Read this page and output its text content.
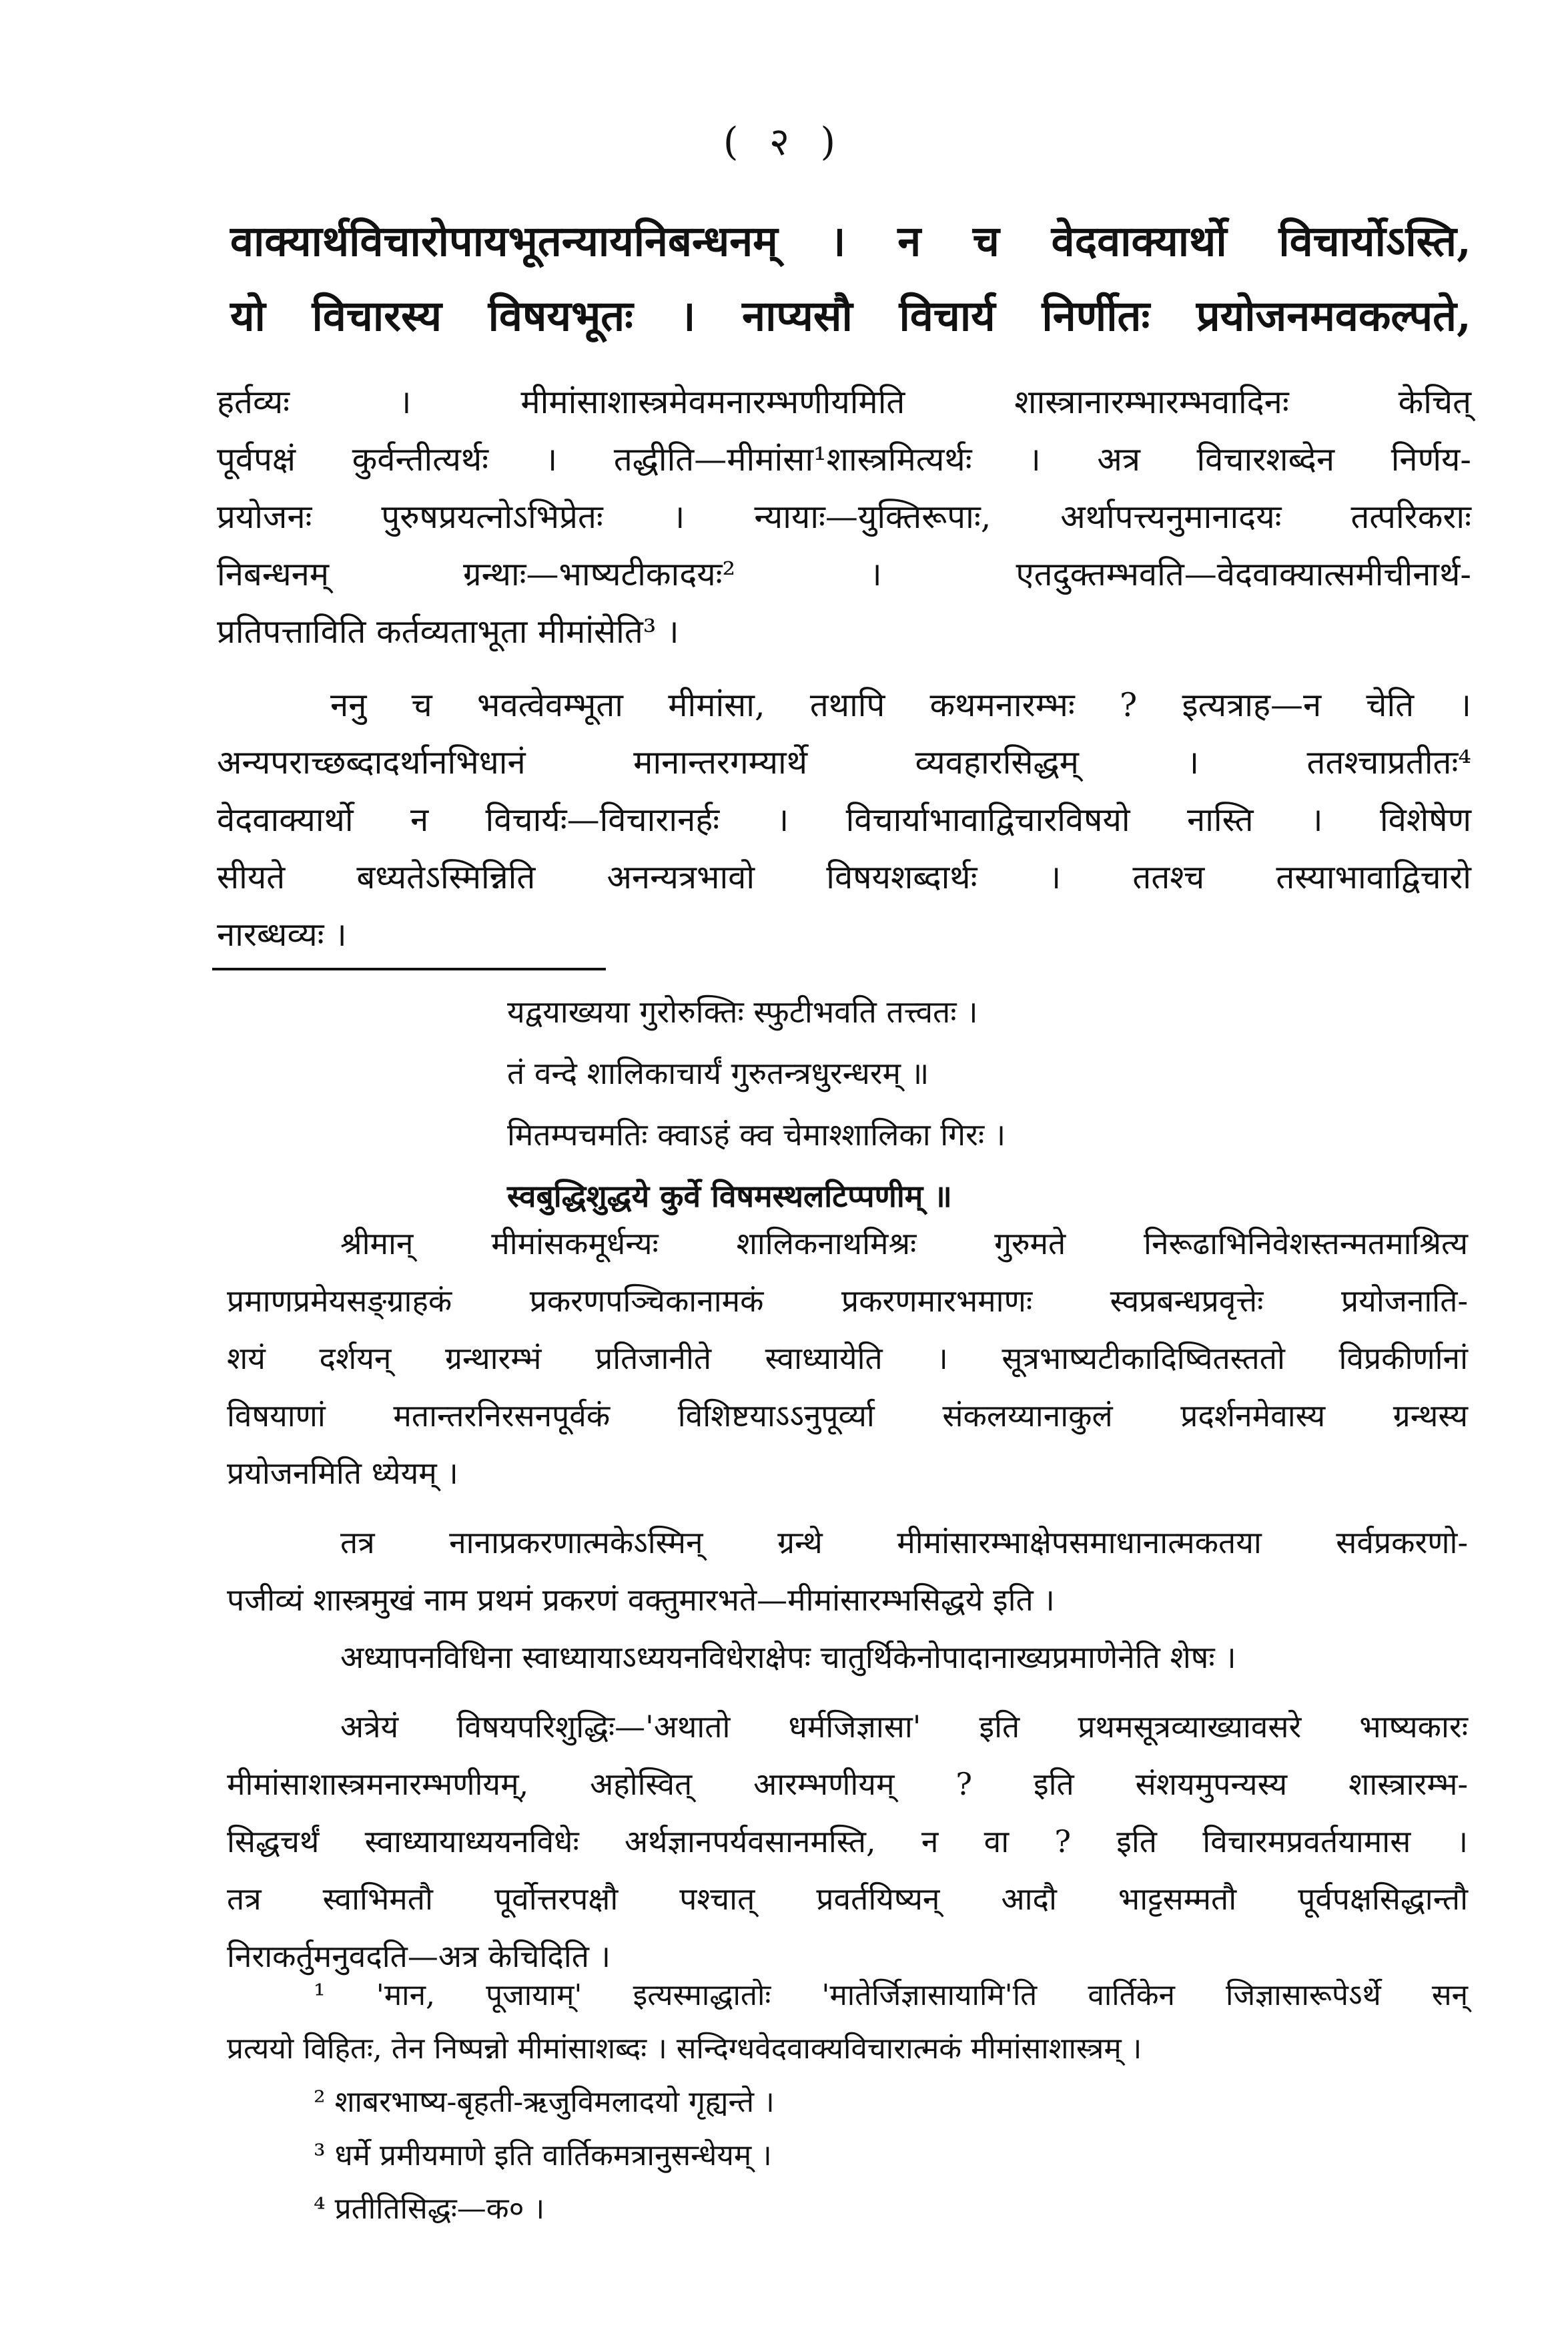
( २ )
वाक्यार्थविचारोपायभूतन्यायनिबन्धनम् । न च वेदवाक्यार्थो विचार्योऽस्ति,
यो विचारस्य विषयभूतः । नाप्यसौ विचार्य निर्णीतः प्रयोजनमवकल्पते,
हर्तव्यः । मीमांसाशास्त्रमेवमनारम्भणीयमिति शास्त्रानारम्भारम्भवादिनः केचित्
पूर्वपक्षं कुर्वन्तीत्यर्थः । तद्धीति—मीमांसा¹शास्त्रमित्यर्थः । अत्र विचारशब्देन निर्णय-
प्रयोजनः पुरुषप्रयत्नोऽभिप्रेतः । न्यायाः—युक्तिरूपाः, अर्थापत्त्यनुमानादयः तत्परिकराः
निबन्धनम् ग्रन्थाः—भाष्यटीकादयः² । एतदुक्तम्भवति—वेदवाक्यात्समीचीनार्थ-
प्रतिपत्ताविति कर्तव्यताभूता मीमांसेति³ ।
ननु च भवत्वेवम्भूता मीमांसा, तथापि कथमनारम्भः ? इत्यत्राह—न चेति ।
अन्यपराच्छब्दादर्थानभिधानं मानान्तरगम्यार्थे व्यवहारसिद्धम् । ततश्चाप्रतीतः⁴
वेदवाक्यार्थो न विचार्यः—विचारानर्हः । विचार्याभावाद्विचारविषयो नास्ति । विशेषेण
सीयते बध्यतेऽस्मिन्निति अनन्यत्रभावो विषयशब्दार्थः । ततश्च तस्याभावाद्विचारो
नारब्धव्यः ।
यद्वयाख्यया गुरोरुक्तिः स्फुटीभवति तत्त्वतः ।
तं वन्दे शालिकाचार्यं गुरुतन्त्रधुरन्धरम् ॥
मितम्पचमतिः क्वाऽहं क्व चेमाश्शालिका गिरः ।
स्वबुद्धिशुद्धये कुर्वे विषमस्थलटिप्पणीम् ॥
श्रीमान् मीमांसकमूर्धन्यः शालिकनाथमिश्रः गुरुमते निरूढाभिनिवेशस्तन्मतमाश्रित्य
प्रमाणप्रमेयसङ्ग्राहकं प्रकरणपञ्चिकानामकं प्रकरणमारभमाणः स्वप्रबन्धप्रवृत्तेः प्रयोजनाति-
शयं दर्शयन् ग्रन्थारम्भं प्रतिजानीते स्वाध्यायेति । सूत्रभाष्यटीकादिष्वितस्ततो विप्रकीर्णानां
विषयाणां मतान्तरनिरसनपूर्वकं विशिष्टयाऽऽनुपूर्व्या संकलय्यानाकुलं प्रदर्शनमेवास्य ग्रन्थस्य
प्रयोजनमिति ध्येयम् ।
तत्र नानाप्रकरणात्मकेऽस्मिन् ग्रन्थे मीमांसारम्भाक्षेपसमाधानात्मकतया सर्वप्रकरणो-
पजीव्यं शास्त्रमुखं नाम प्रथमं प्रकरणं वक्तुमारभते—मीमांसारम्भसिद्धये इति ।
अध्यापनविधिना स्वाध्यायाऽध्ययनविधेराक्षेपः चातुर्थिकेनोपादानाख्यप्रमाणेनेति शेषः ।
अत्रेयं विषयपरिशुद्धिः—'अथातो धर्मजिज्ञासा' इति प्रथमसूत्रव्याख्यावसरे भाष्यकारः
मीमांसाशास्त्रमनारम्भणीयम्, अहोस्वित् आरम्भणीयम् ? इति संशयमुपन्यस्य शास्त्रारम्भ-
सिद्धचर्थं स्वाध्यायाध्ययनविधेः अर्थज्ञानपर्यवसानमस्ति, न वा ? इति विचारमप्रवर्तयामास ।
तत्र स्वाभिमतौ पूर्वोत्तरपक्षौ पश्चात् प्रवर्तयिष्यन् आदौ भाट्टसम्मतौ पूर्वपक्षसिद्धान्तौ
निराकर्तुमनुवदति—अत्र केचिदिति ।
¹ 'मान, पूजायाम्' इत्यस्माद्धातोः 'मातेर्जिज्ञासायामि'ति वार्तिकेन जिज्ञासारूपेऽर्थे सन्
प्रत्ययो विहितः, तेन निष्पन्नो मीमांसाशब्दः । सन्दिग्धवेदवाक्यविचारात्मकं मीमांसाशास्त्रम् ।
² शाबरभाष्य-बृहती-ऋजुविमलादयो गृह्यन्ते ।
³ धर्मे प्रमीयमाणे इति वार्तिकमत्रानुसन्धेयम् ।
⁴ प्रतीतिसिद्धः—क० ।
